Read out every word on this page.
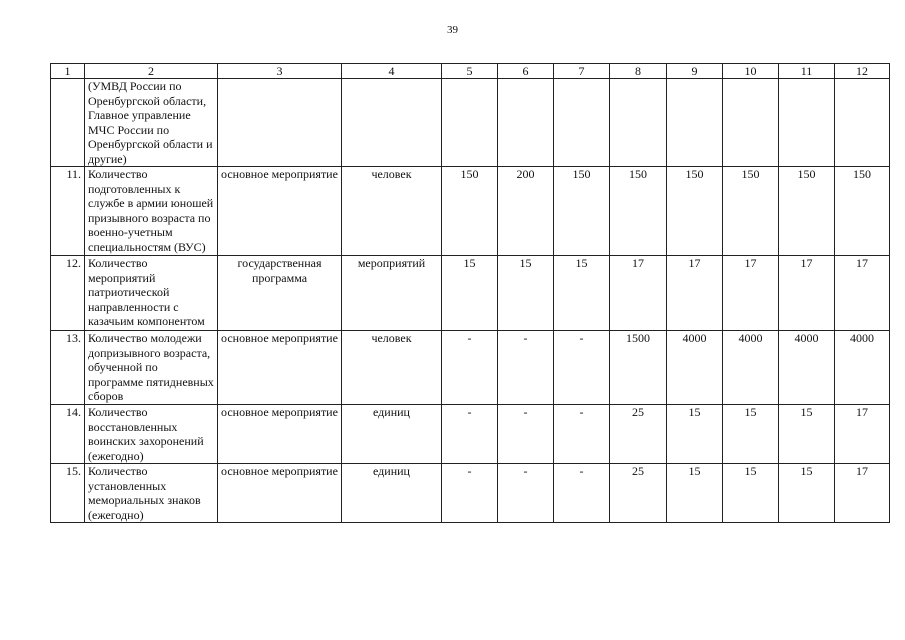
39
1	2	3	4	5	6	7	8	9	10	11	12
	(УМВД России по Оренбургской области, Главное управление МЧС России по Оренбургской области и другие)										
11.	Количество подготовленных к службе в армии юношей призывного возраста по военно-учетным специальностям (ВУС)	основное мероприятие	человек	150	200	150	150	150	150	150	150
12.	Количество мероприятий патриотической направленности с казачьим компонентом	государственная программа	мероприятий	15	15	15	17	17	17	17	17
13.	Количество молодежи допризывного возраста, обученной по программе пятидневных сборов	основное мероприятие	человек	-	-	-	1500	4000	4000	4000	4000
14.	Количество восстановленных воинских захоронений (ежегодно)	основное мероприятие	единиц	-	-	-	25	15	15	15	17
15.	Количество установленных мемориальных знаков (ежегодно)	основное мероприятие	единиц	-	-	-	25	15	15	15	17
